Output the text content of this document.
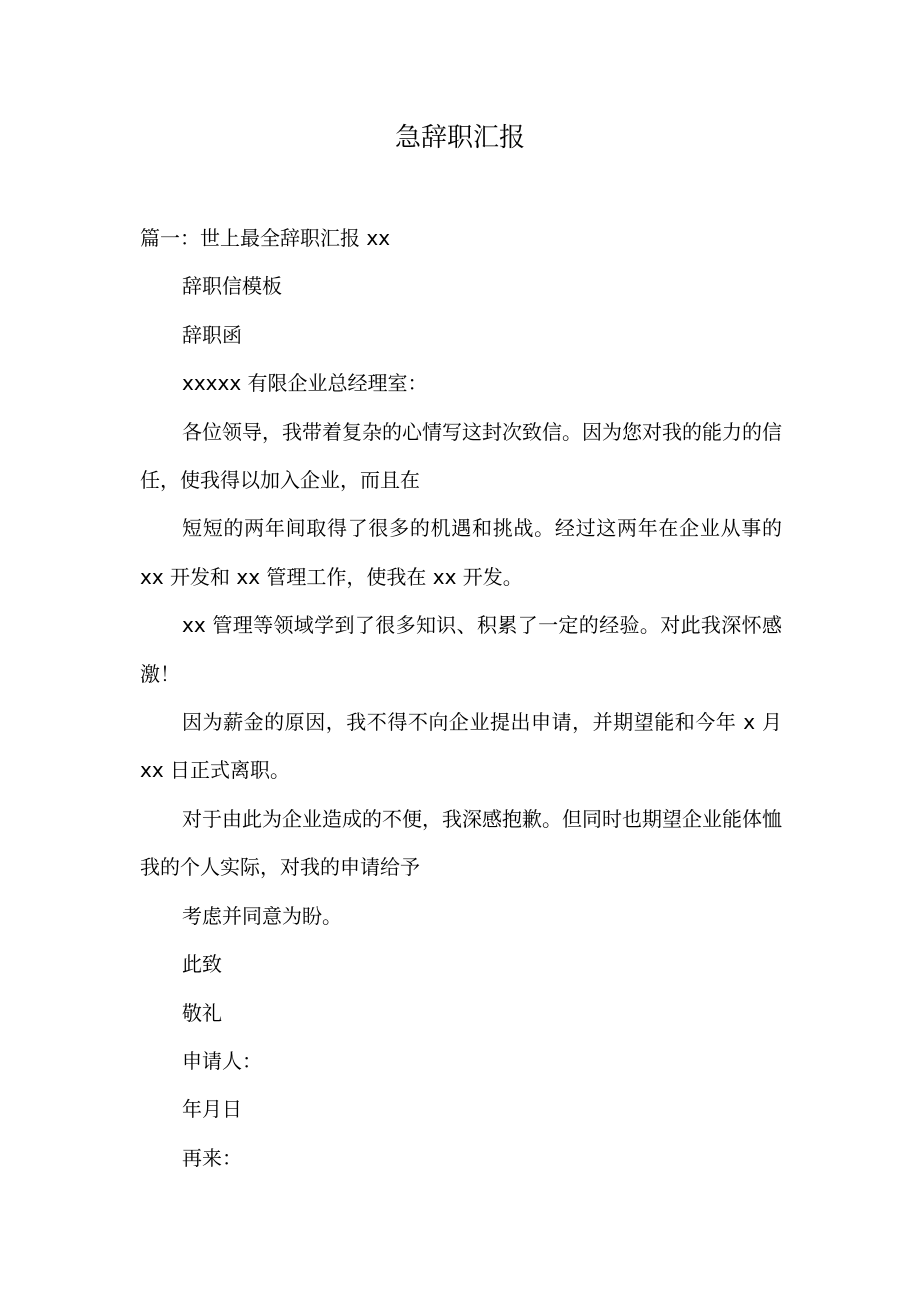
急辞职汇报

篇一：世上最全辞职汇报 xx

辞职信模板

辞职函

xxxxx 有限企业总经理室：

各位领导，我带着复杂的心情写这封次致信。因为您对我的能力的信任，使我得以加入企业，而且在

短短的两年间取得了很多的机遇和挑战。经过这两年在企业从事的 xx 开发和 xx 管理工作，使我在 xx 开发。

xx 管理等领域学到了很多知识、积累了一定的经验。对此我深怀感激！

因为薪金的原因，我不得不向企业提出申请，并期望能和今年 x 月 xx 日正式离职。

对于由此为企业造成的不便，我深感抱歉。但同时也期望企业能体恤我的个人实际，对我的申请给予

考虑并同意为盼。

此致

敬礼

申请人：

年月日

再来：
